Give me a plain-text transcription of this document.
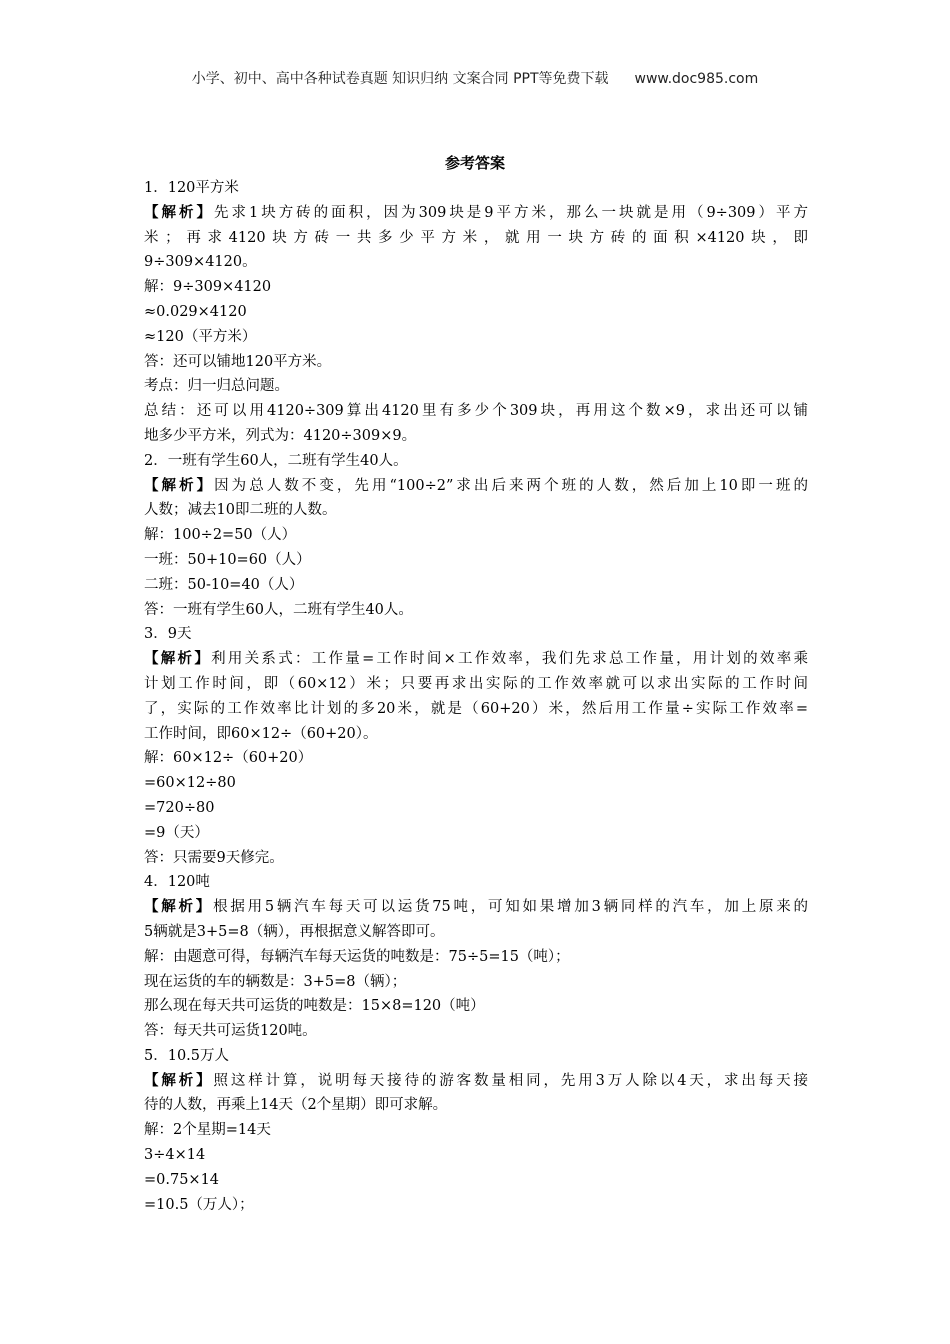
小学、初中、高中各种试卷真题 知识归纳 文案合同 PPT等免费下载 www.doc985.com
参考答案

1．120平方米

【解析】先求1块方砖的面积，因为309块是9平方米，那么一块就是用（9÷309）平方

米；再求4120块方砖一共多少平方米，就用一块方砖的面积×4120块，即

9÷309×4120。

解：9÷309×4120

≈0.029×4120

≈120（平方米）

答：还可以铺地120平方米。

考点：归一归总问题。

总结：还可以用4120÷309算出4120里有多少个309块，再用这个数×9，求出还可以铺

地多少平方米，列式为：4120÷309×9。

2．一班有学生60人，二班有学生40人。

【解析】因为总人数不变，先用“100÷2”求出后来两个班的人数，然后加上10即一班的

人数；减去10即二班的人数。

解：100÷2=50（人）

一班：50+10=60（人）

二班：50-10=40（人）

答：一班有学生60人，二班有学生40人。

3．9天

【解析】利用关系式：工作量=工作时间×工作效率，我们先求总工作量，用计划的效率乘

计划工作时间，即（60×12）米；只要再求出实际的工作效率就可以求出实际的工作时间

了，实际的工作效率比计划的多20米，就是（60+20）米，然后用工作量÷实际工作效率=

工作时间，即60×12÷（60+20）。

解：60×12÷（60+20）

=60×12÷80

=720÷80

=9（天）

答：只需要9天修完。

4．120吨

【解析】根据用5辆汽车每天可以运货75吨，可知如果增加3辆同样的汽车，加上原来的

5辆就是3+5=8（辆），再根据意义解答即可。

解：由题意可得，每辆汽车每天运货的吨数是：75÷5=15（吨）；

现在运货的车的辆数是：3+5=8（辆）；

那么现在每天共可运货的吨数是：15×8=120（吨）

答：每天共可运货120吨。

5．10.5万人

【解析】照这样计算，说明每天接待的游客数量相同，先用3万人除以4天，求出每天接

待的人数，再乘上14天（2个星期）即可求解。

解：2个星期=14天

3÷4×14

=0.75×14

=10.5（万人）；
